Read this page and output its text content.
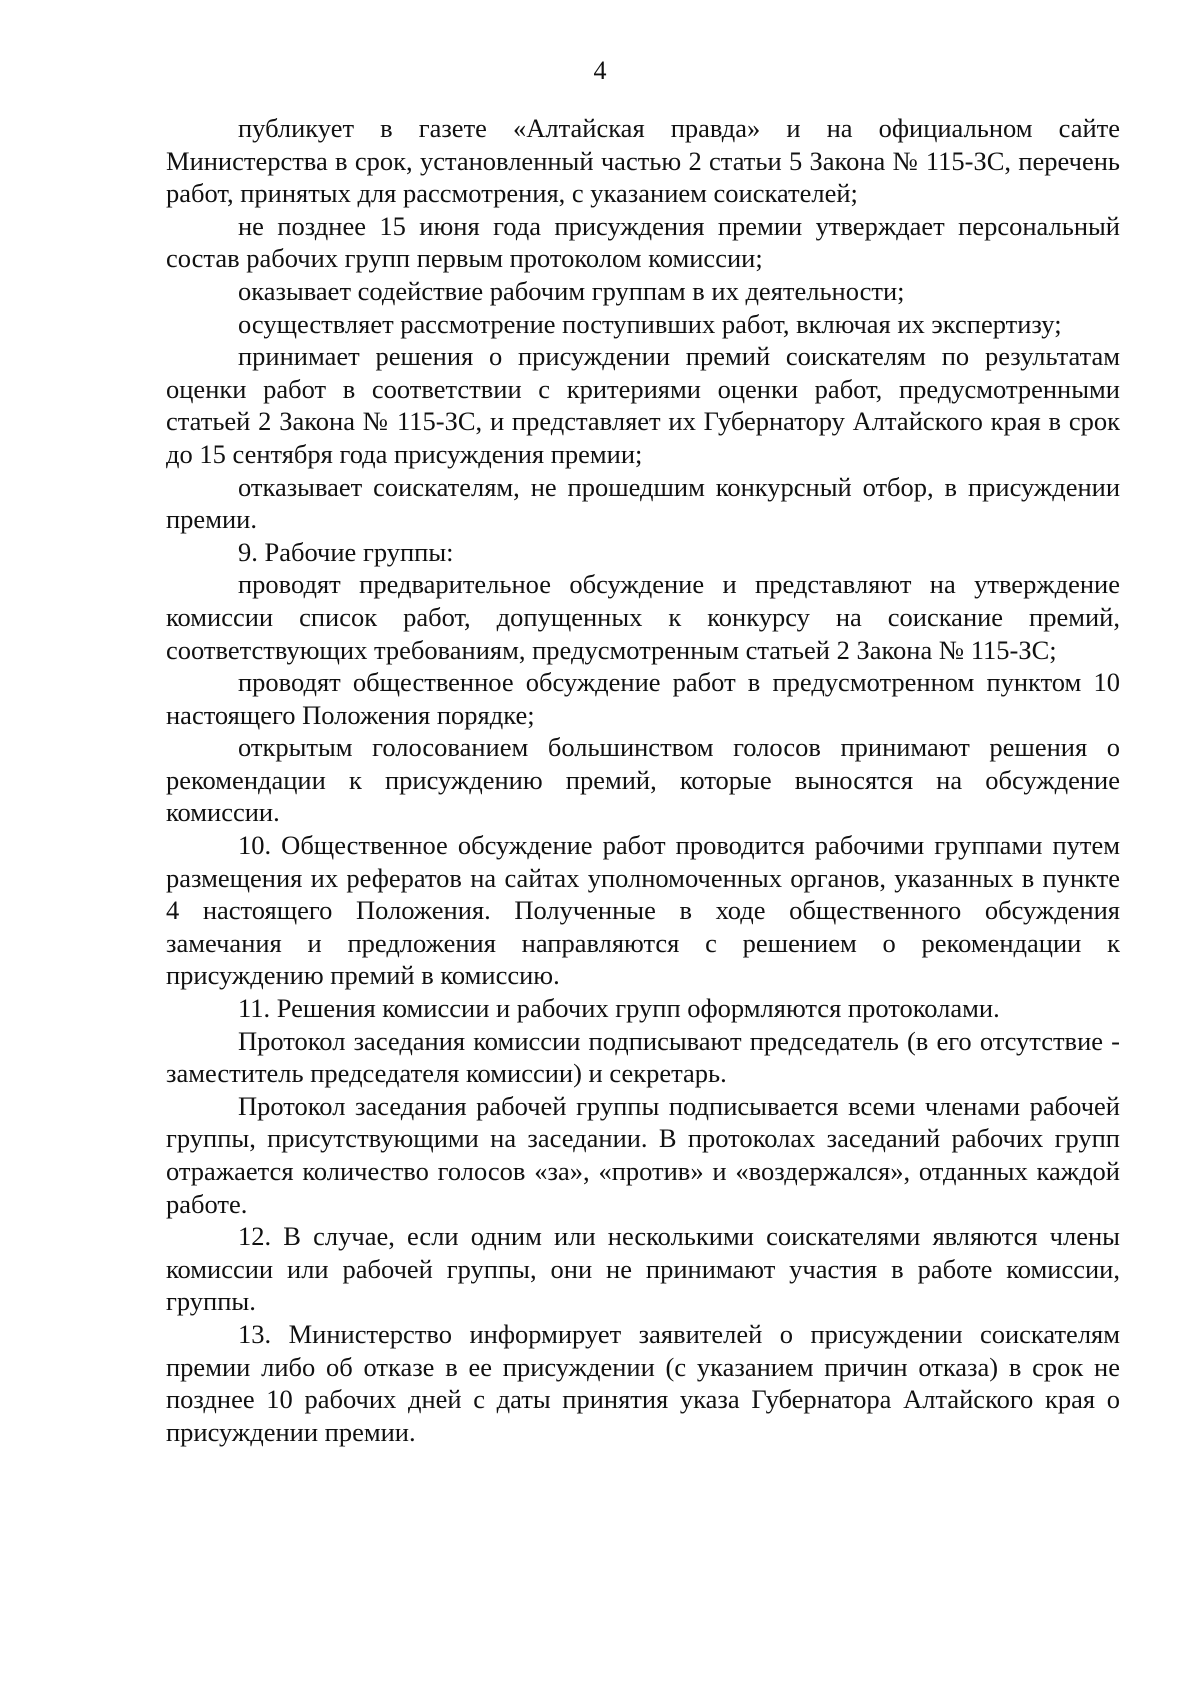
4

публикует в газете «Алтайская правда» и на официальном сайте Министерства в срок, установленный частью 2 статьи 5 Закона № 115-ЗС, перечень работ, принятых для рассмотрения, с указанием соискателей;

не позднее 15 июня года присуждения премии утверждает персональный состав рабочих групп первым протоколом комиссии;

оказывает содействие рабочим группам в их деятельности;

осуществляет рассмотрение поступивших работ, включая их экспертизу;

принимает решения о присуждении премий соискателям по результатам оценки работ в соответствии с критериями оценки работ, предусмотренными статьей 2 Закона № 115-ЗС, и представляет их Губернатору Алтайского края в срок до 15 сентября года присуждения премии;

отказывает соискателям, не прошедшим конкурсный отбор, в присуждении премии.

9. Рабочие группы:

проводят предварительное обсуждение и представляют на утверждение комиссии список работ, допущенных к конкурсу на соискание премий, соответствующих требованиям, предусмотренным статьей 2 Закона № 115-ЗС;

проводят общественное обсуждение работ в предусмотренном пунктом 10 настоящего Положения порядке;

открытым голосованием большинством голосов принимают решения о рекомендации к присуждению премий, которые выносятся на обсуждение комиссии.

10. Общественное обсуждение работ проводится рабочими группами путем размещения их рефератов на сайтах уполномоченных органов, указанных в пункте 4 настоящего Положения. Полученные в ходе общественного обсуждения замечания и предложения направляются с решением о рекомендации к присуждению премий в комиссию.

11. Решения комиссии и рабочих групп оформляются протоколами.

Протокол заседания комиссии подписывают председатель (в его отсутствие - заместитель председателя комиссии) и секретарь.

Протокол заседания рабочей группы подписывается всеми членами рабочей группы, присутствующими на заседании. В протоколах заседаний рабочих групп отражается количество голосов «за», «против» и «воздержался», отданных каждой работе.

12. В случае, если одним или несколькими соискателями являются члены комиссии или рабочей группы, они не принимают участия в работе комиссии, группы.

13. Министерство информирует заявителей о присуждении соискателям премии либо об отказе в ее присуждении (с указанием причин отказа) в срок не позднее 10 рабочих дней с даты принятия указа Губернатора Алтайского края о присуждении премии.
